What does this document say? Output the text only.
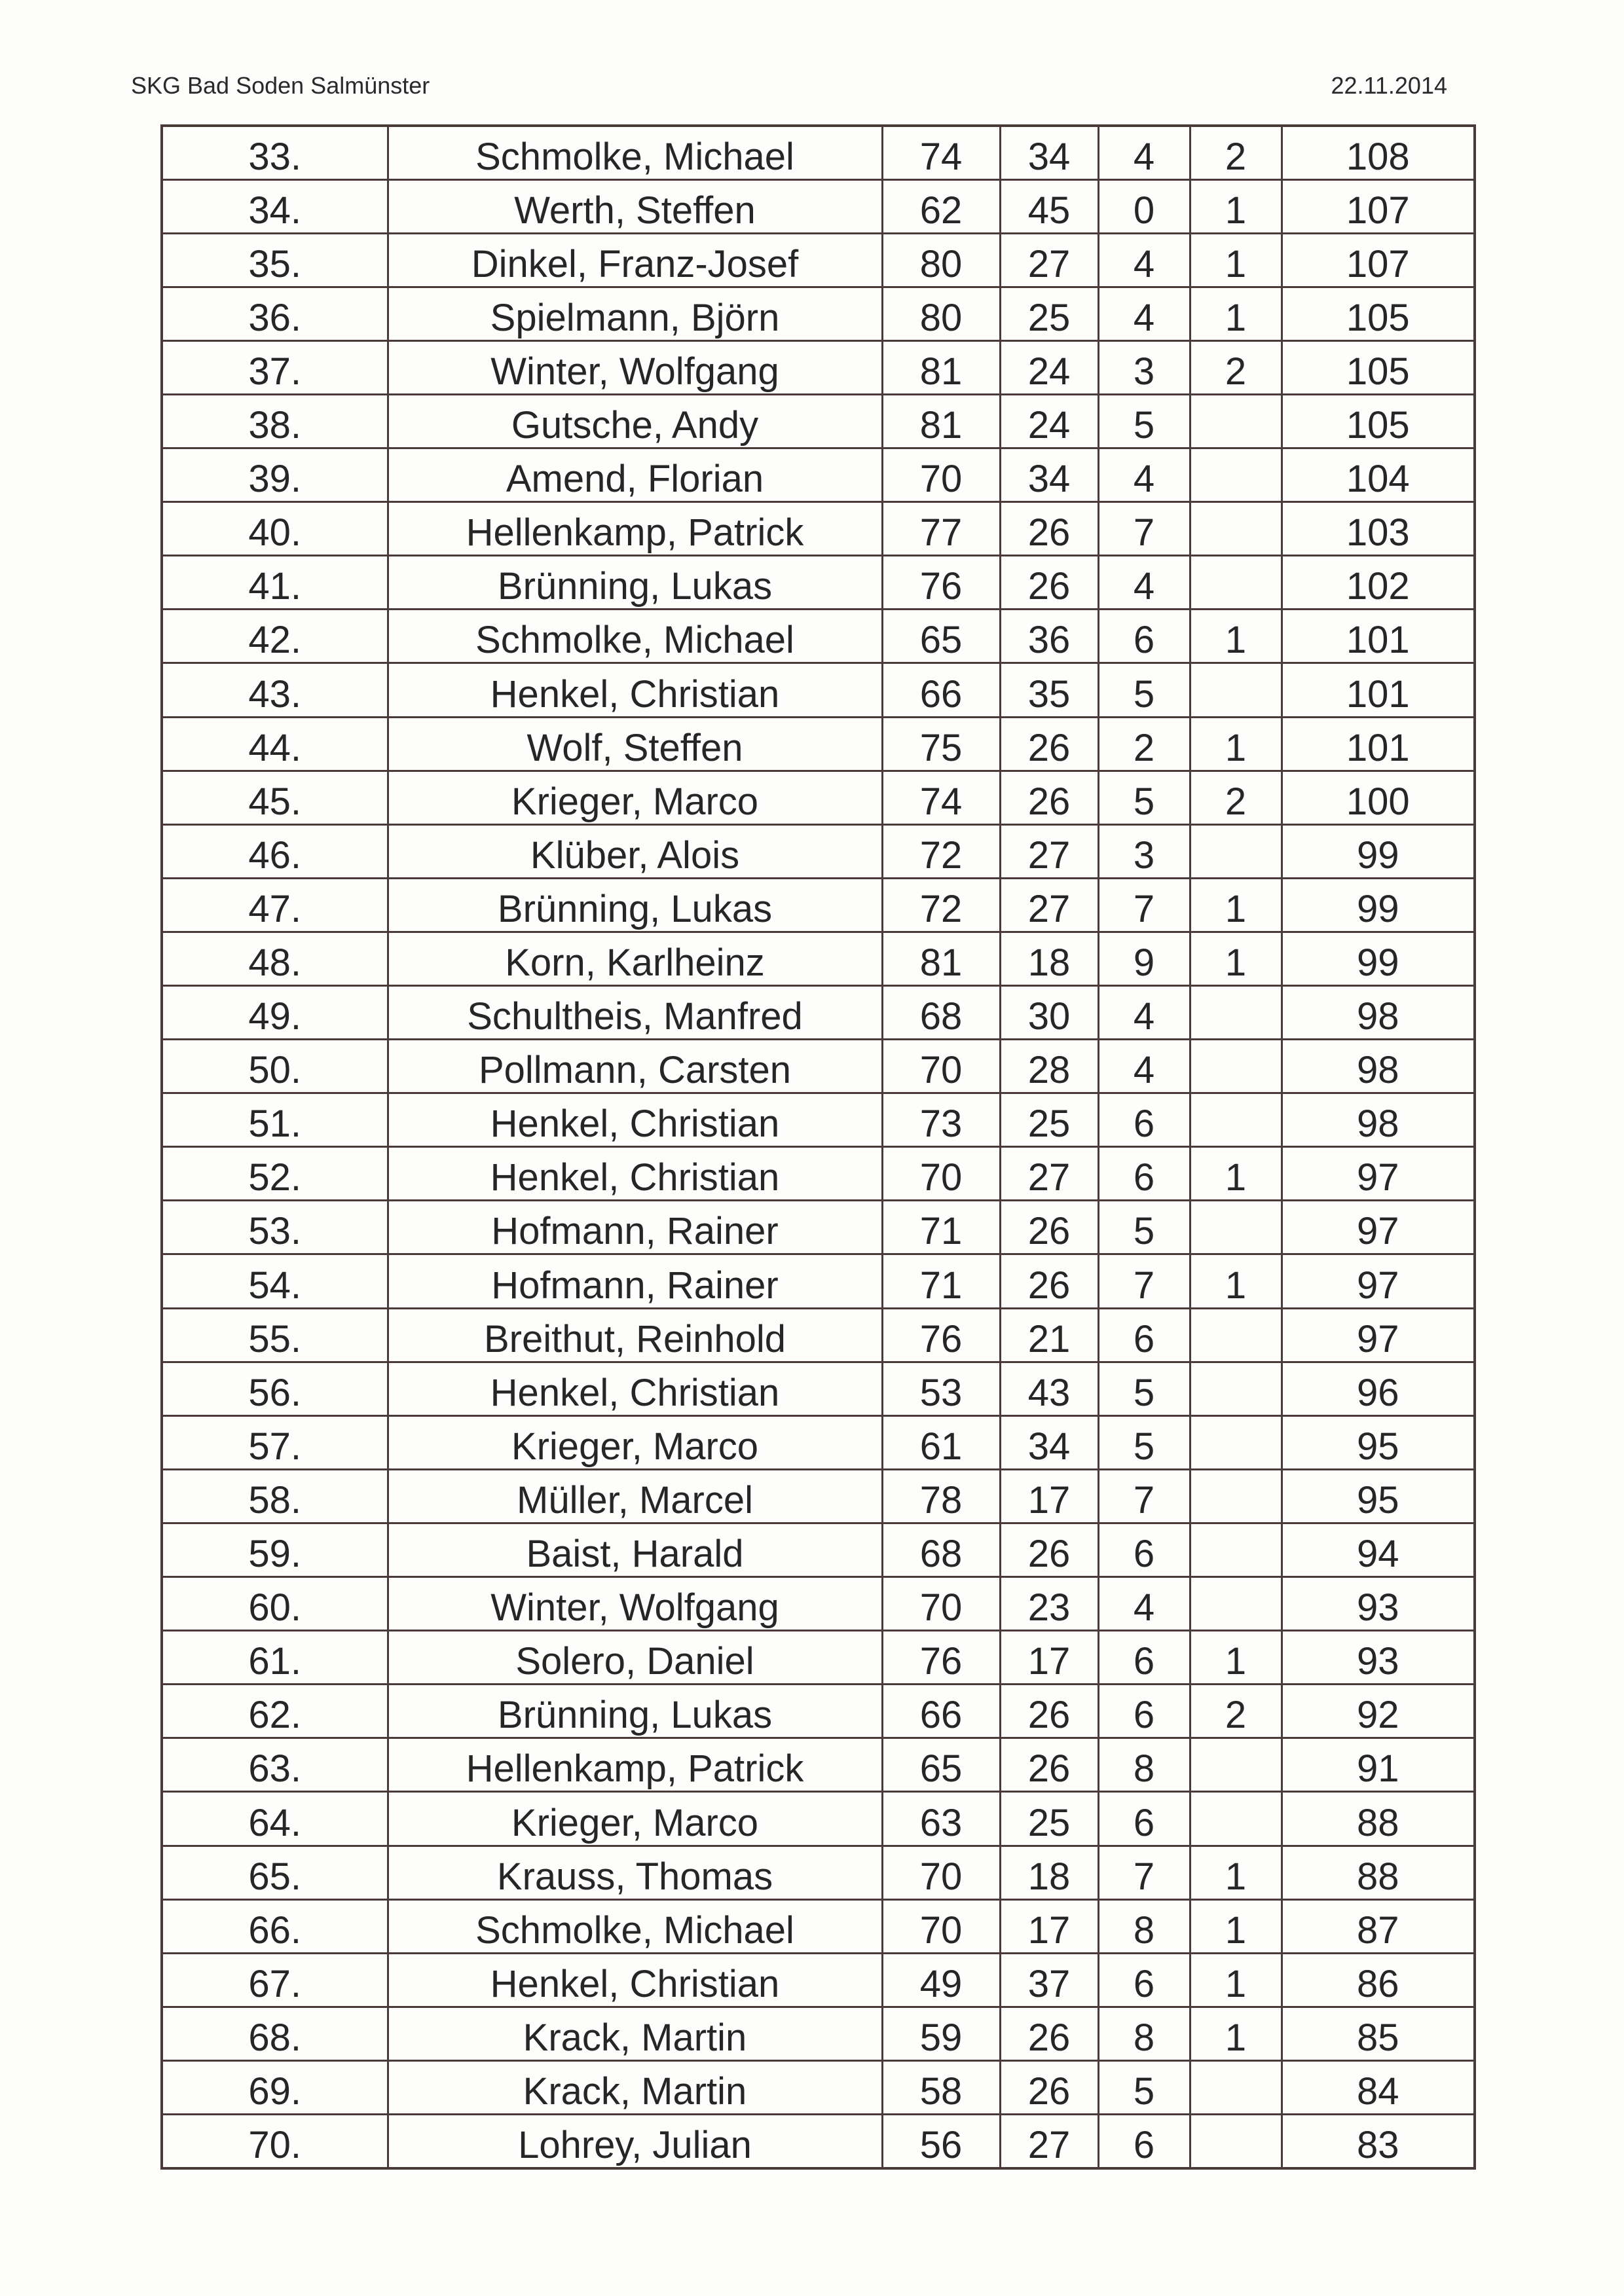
SKG Bad Soden Salmünster	22.11.2014
33.	Schmolke, Michael	74	34	4	2	108
34.	Werth, Steffen	62	45	0	1	107
35.	Dinkel, Franz-Josef	80	27	4	1	107
36.	Spielmann, Björn	80	25	4	1	105
37.	Winter, Wolfgang	81	24	3	2	105
38.	Gutsche, Andy	81	24	5		105
39.	Amend, Florian	70	34	4		104
40.	Hellenkamp, Patrick	77	26	7		103
41.	Brünning, Lukas	76	26	4		102
42.	Schmolke, Michael	65	36	6	1	101
43.	Henkel, Christian	66	35	5		101
44.	Wolf, Steffen	75	26	2	1	101
45.	Krieger, Marco	74	26	5	2	100
46.	Klüber, Alois	72	27	3		99
47.	Brünning, Lukas	72	27	7	1	99
48.	Korn, Karlheinz	81	18	9	1	99
49.	Schultheis, Manfred	68	30	4		98
50.	Pollmann, Carsten	70	28	4		98
51.	Henkel, Christian	73	25	6		98
52.	Henkel, Christian	70	27	6	1	97
53.	Hofmann, Rainer	71	26	5		97
54.	Hofmann, Rainer	71	26	7	1	97
55.	Breithut, Reinhold	76	21	6		97
56.	Henkel, Christian	53	43	5		96
57.	Krieger, Marco	61	34	5		95
58.	Müller, Marcel	78	17	7		95
59.	Baist, Harald	68	26	6		94
60.	Winter, Wolfgang	70	23	4		93
61.	Solero, Daniel	76	17	6	1	93
62.	Brünning, Lukas	66	26	6	2	92
63.	Hellenkamp, Patrick	65	26	8		91
64.	Krieger, Marco	63	25	6		88
65.	Krauss, Thomas	70	18	7	1	88
66.	Schmolke, Michael	70	17	8	1	87
67.	Henkel, Christian	49	37	6	1	86
68.	Krack, Martin	59	26	8	1	85
69.	Krack, Martin	58	26	5		84
70.	Lohrey, Julian	56	27	6		83
